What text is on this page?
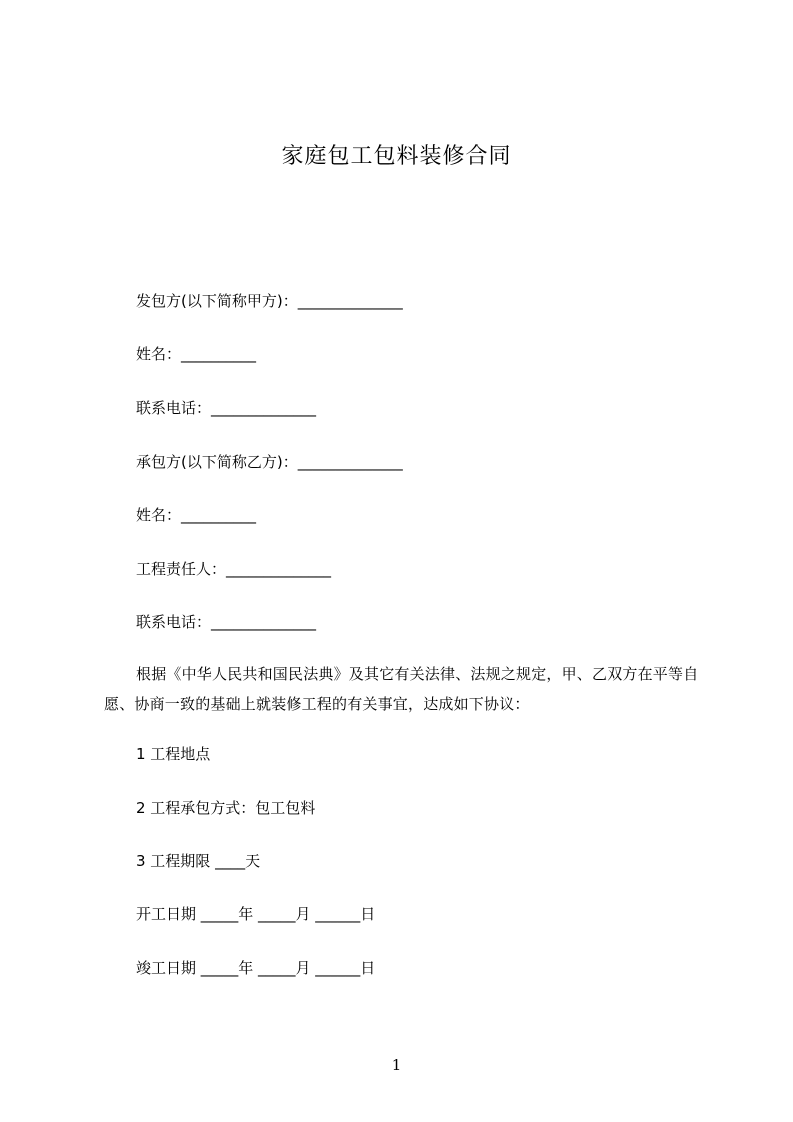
家庭包工包料装修合同
发包方(以下简称甲方)：______________
姓名：__________
联系电话：______________
承包方(以下简称乙方)：______________
姓名：__________
工程责任人：______________
联系电话：______________
根据《中华人民共和国民法典》及其它有关法律、法规之规定，甲、乙双方在平等自愿、协商一致的基础上就装修工程的有关事宜，达成如下协议：
1 工程地点
2 工程承包方式：包工包料
3 工程期限 ____天
开工日期 _____年 _____月 ______日
竣工日期 _____年 _____月 ______日
1
